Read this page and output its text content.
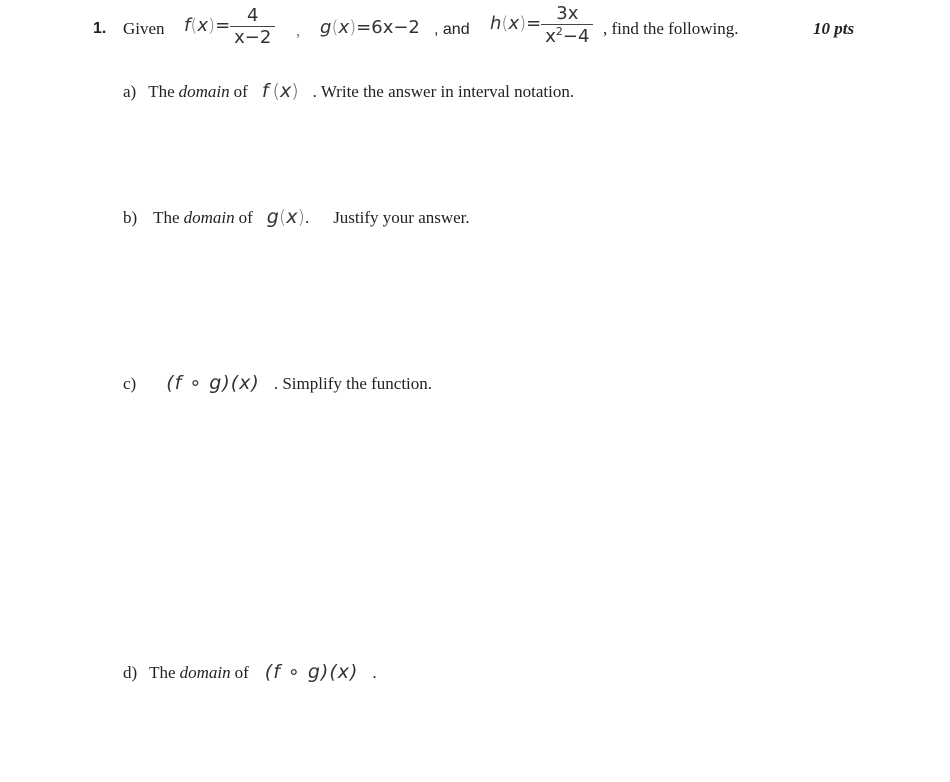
1. Given $f(x)= \frac{4}{x-2}$ , g(x)=6x−2 , and $h(x)= \frac{3x}{x^2-4}$ , find the following.	10 pts
a) The domain of f (x) . Write the answer in interval notation.
b) The domain of g(x). Justify your answer.
c) (f ∘ g)(x) . Simplify the function.
d) The domain of (f ∘ g)(x) .
